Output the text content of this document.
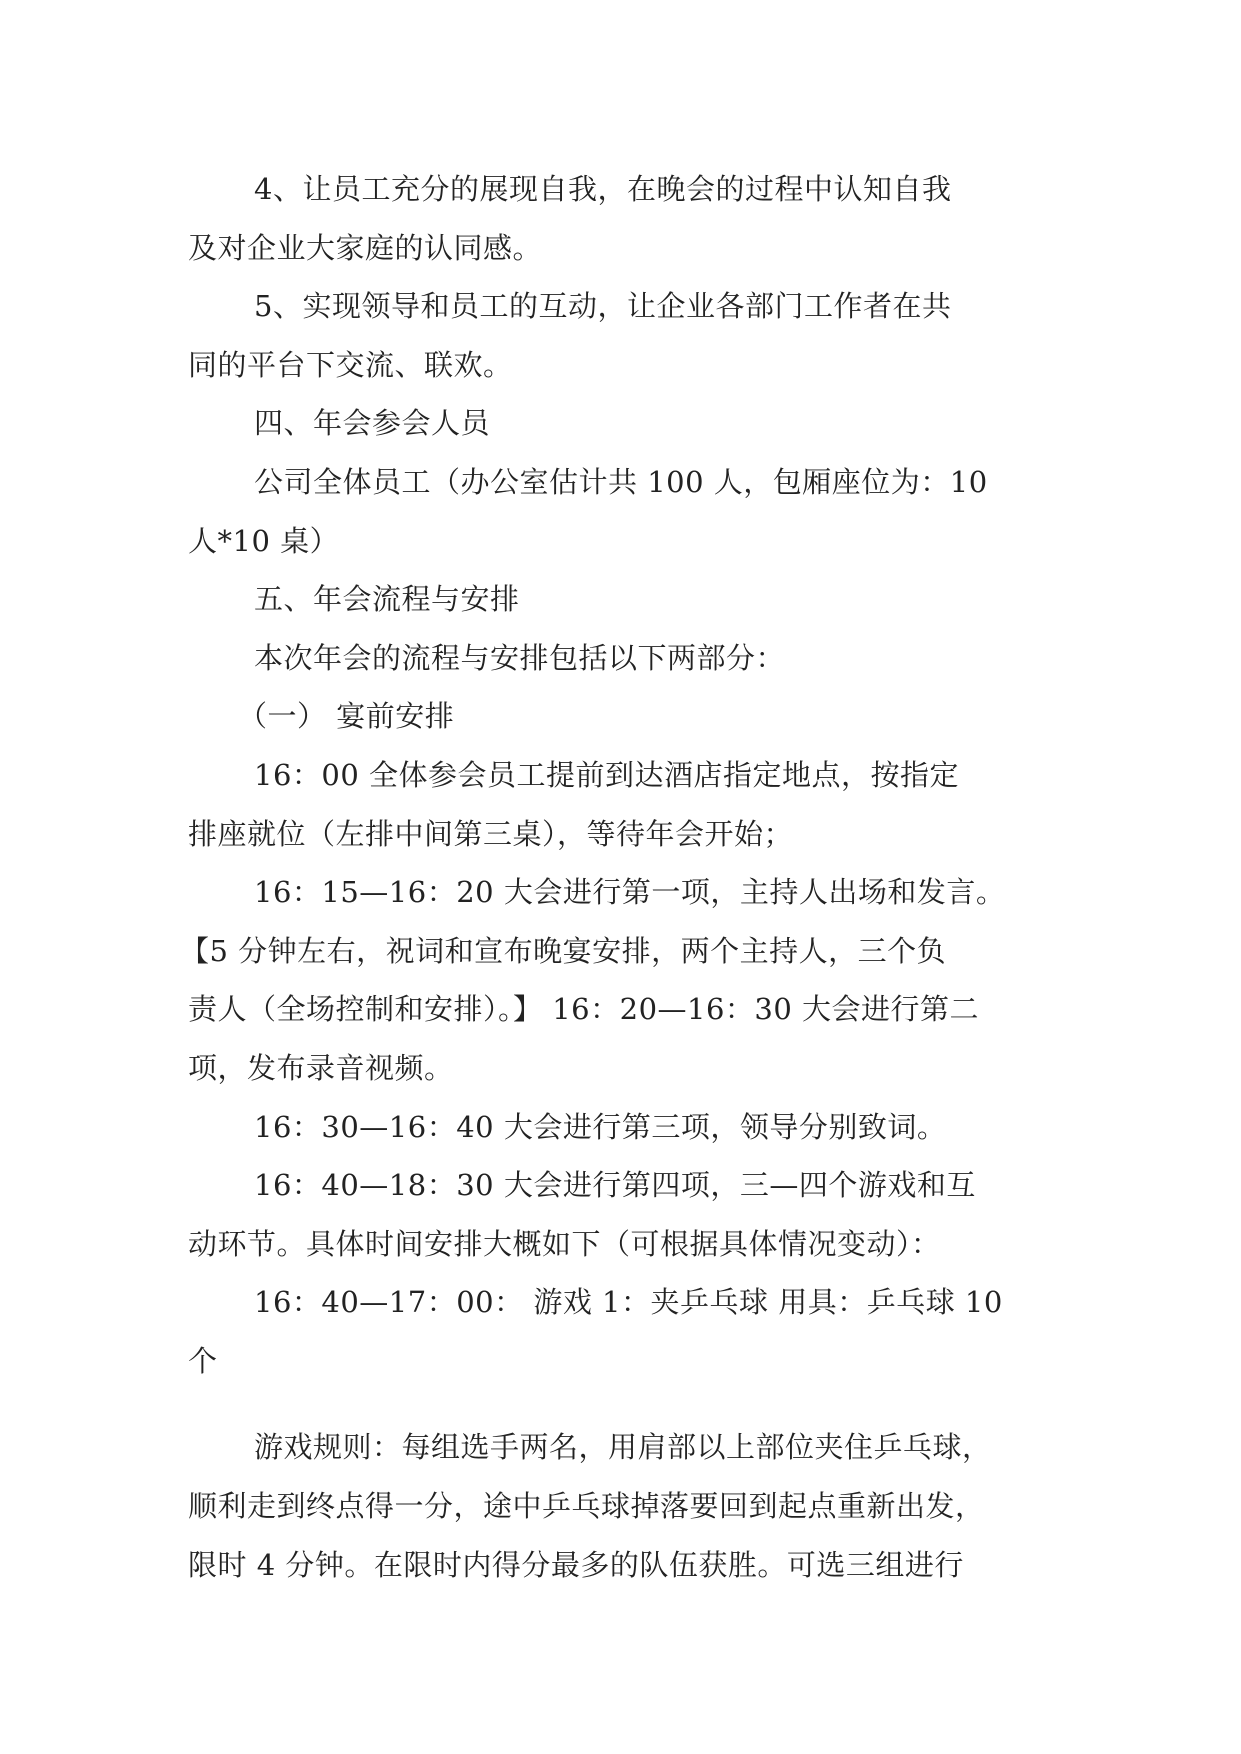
4、让员工充分的展现自我，在晚会的过程中认知自我
及对企业大家庭的认同感。
5、实现领导和员工的互动，让企业各部门工作者在共
同的平台下交流、联欢。
四、年会参会人员
公司全体员工（办公室估计共 100 人，包厢座位为：10
人*10 桌）
五、年会流程与安排
本次年会的流程与安排包括以下两部分：
（一） 宴前安排
16：00 全体参会员工提前到达酒店指定地点，按指定
排座就位（左排中间第三桌），等待年会开始；
16：15—16：20 大会进行第一项，主持人出场和发言。
【5 分钟左右，祝词和宣布晚宴安排，两个主持人，三个负
责人（全场控制和安排）。】 16：20—16：30 大会进行第二
项，发布录音视频。
16：30—16：40 大会进行第三项，领导分别致词。
16：40—18：30 大会进行第四项，三—四个游戏和互
动环节。具体时间安排大概如下（可根据具体情况变动）：
16：40—17：00： 游戏 1：夹乒乓球 用具：乒乓球 10
个
游戏规则：每组选手两名，用肩部以上部位夹住乒乓球，
顺利走到终点得一分，途中乒乓球掉落要回到起点重新出发，
限时 4 分钟。在限时内得分最多的队伍获胜。可选三组进行
